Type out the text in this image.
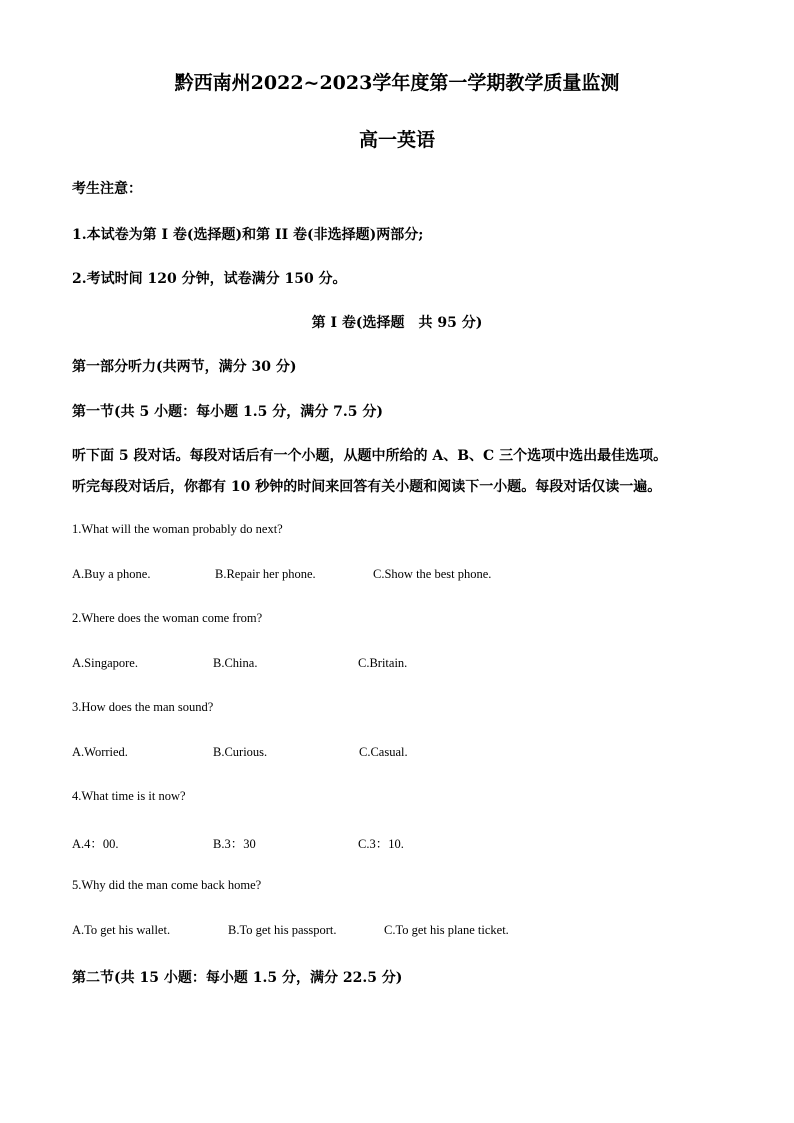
黔西南州2022~2023学年度第一学期教学质量监测
高一英语
考生注意：
1.本试卷为第 I 卷(选择题)和第 II 卷(非选择题)两部分;
2.考试时间 120 分钟，试卷满分 150 分。
第 I 卷(选择题　共 95 分)
第一部分听力(共两节，满分 30 分)
第一节(共 5 小题：每小题 1.5 分，满分 7.5 分)
听下面 5 段对话。每段对话后有一个小题，从题中所给的 A、B、C 三个选项中选出最佳选项。
听完每段对话后，你都有 10 秒钟的时间来回答有关小题和阅读下一小题。每段对话仅读一遍。
1.What will the woman probably do next?
A.Buy a phone.	B.Repair her phone.	C.Show the best phone.
2.Where does the woman come from?
A.Singapore.	B.China.	C.Britain.
3.How does the man sound?
A.Worried.	B.Curious.	C.Casual.
4.What time is it now?
A.4：00.	B.3：30	C.3：10.
5.Why did the man come back home?
A.To get his wallet.	B.To get his passport.	C.To get his plane ticket.
第二节(共 15 小题：每小题 1.5 分，满分 22.5 分)
